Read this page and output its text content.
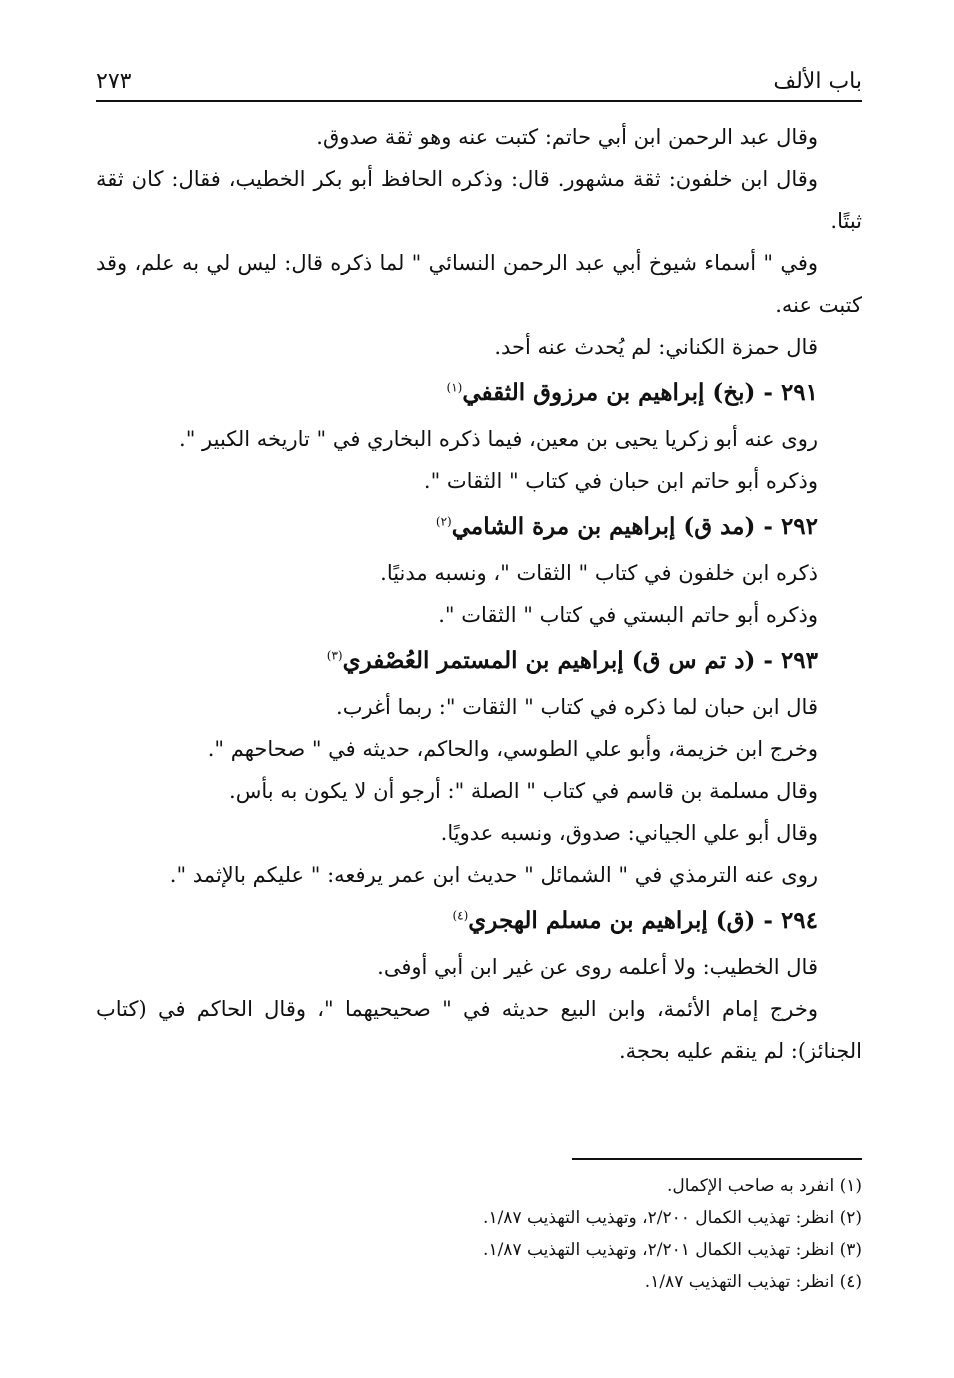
باب الألف
٢٧٣

وقال عبد الرحمن ابن أبي حاتم: كتبت عنه وهو ثقة صدوق.

وقال ابن خلفون: ثقة مشهور. قال: وذكره الحافظ أبو بكر الخطيب، فقال: كان ثقة ثبتًا.

وفي " أسماء شيوخ أبي عبد الرحمن النسائي " لما ذكره قال: ليس لي به علم، وقد كتبت عنه.

قال حمزة الكناني: لم يُحدث عنه أحد.

٢٩١ - (بخ) إبراهيم بن مرزوق الثقفي$^{(١)}$

روى عنه أبو زكريا يحيى بن معين، فيما ذكره البخاري في " تاريخه الكبير ".

وذكره أبو حاتم ابن حبان في كتاب " الثقات ".

٢٩٢ - (مد ق) إبراهيم بن مرة الشامي$^{(٢)}$

ذكره ابن خلفون في كتاب " الثقات "، ونسبه مدنيًا.

وذكره أبو حاتم البستي في كتاب " الثقات ".

٢٩٣ - (د تم س ق) إبراهيم بن المستمر العُصْفري$^{(٣)}$

قال ابن حبان لما ذكره في كتاب " الثقات ": ربما أغرب.

وخرج ابن خزيمة، وأبو علي الطوسي، والحاكم، حديثه في " صحاحهم ".

وقال مسلمة بن قاسم في كتاب " الصلة ": أرجو أن لا يكون به بأس.

وقال أبو علي الجياني: صدوق، ونسبه عدويًا.

روى عنه الترمذي في " الشمائل " حديث ابن عمر يرفعه: " عليكم بالإثمد ".

٢٩٤ - (ق) إبراهيم بن مسلم الهجري$^{(٤)}$

قال الخطيب: ولا أعلمه روى عن غير ابن أبي أوفى.

وخرج إمام الأئمة، وابن البيع حديثه في " صحيحيهما "، وقال الحاكم في (كتاب الجنائز): لم ينقم عليه بحجة.

(١) انفرد به صاحب الإكمال.

(٢) انظر: تهذيب الكمال ٢/٢٠٠، وتهذيب التهذيب ١/٨٧.

(٣) انظر: تهذيب الكمال ٢/٢٠١، وتهذيب التهذيب ١/٨٧.

(٤) انظر: تهذيب التهذيب ١/٨٧.
